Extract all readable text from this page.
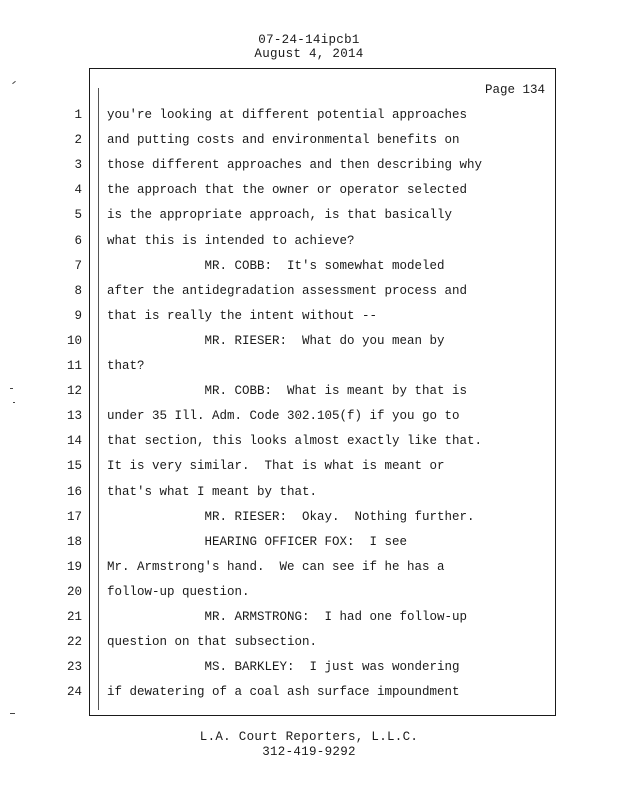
07-24-14ipcb1
August 4, 2014
Page 134
1 you're looking at different potential approaches
2 and putting costs and environmental benefits on
3 those different approaches and then describing why
4 the approach that the owner or operator selected
5 is the appropriate approach, is that basically
6 what this is intended to achieve?
7 MR. COBB:  It's somewhat modeled
8 after the antidegradation assessment process and
9 that is really the intent without --
10 MR. RIESER:  What do you mean by
11 that?
12 MR. COBB:  What is meant by that is
13 under 35 Ill. Adm. Code 302.105(f) if you go to
14 that section, this looks almost exactly like that.
15 It is very similar.  That is what is meant or
16 that's what I meant by that.
17 MR. RIESER:  Okay.  Nothing further.
18 HEARING OFFICER FOX:  I see
19 Mr. Armstrong's hand.  We can see if he has a
20 follow-up question.
21 MR. ARMSTRONG:  I had one follow-up
22 question on that subsection.
23 MS. BARKLEY:  I just was wondering
24 if dewatering of a coal ash surface impoundment
L.A. Court Reporters, L.L.C.
312-419-9292
